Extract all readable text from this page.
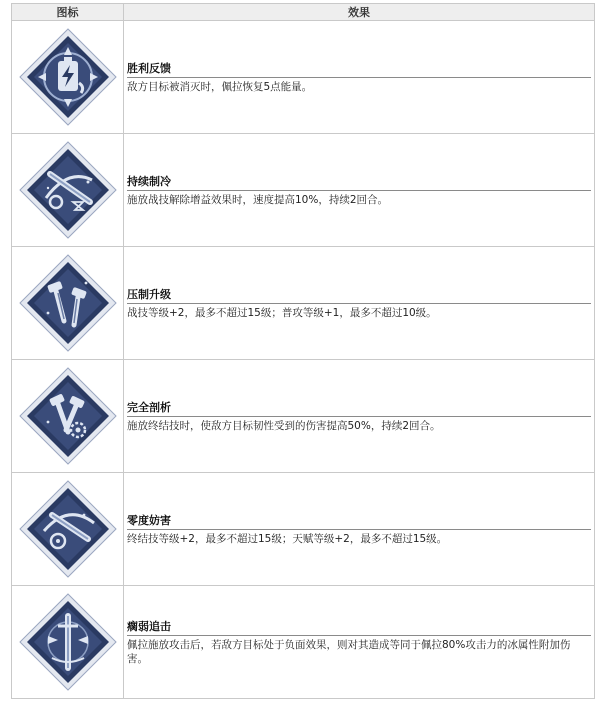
图标	效果

胜利反馈
敌方目标被消灭时，佩拉恢复5点能量。

持续制冷
施放战技解除增益效果时，速度提高10%，持续2回合。

压制升级
战技等级+2，最多不超过15级；普攻等级+1，最多不超过10级。

完全剖析
施放终结技时，使敌方目标韧性受到的伤害提高50%，持续2回合。

零度妨害
终结技等级+2，最多不超过15级；天赋等级+2，最多不超过15级。

瘸弱追击
佩拉施放攻击后，若敌方目标处于负面效果，则对其造成等同于佩拉80%攻击力的冰属性附加伤害。
